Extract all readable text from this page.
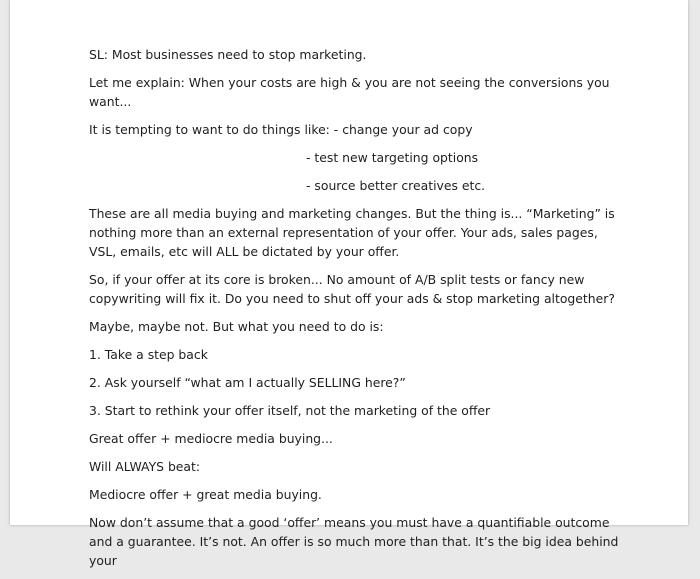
SL: Most businesses need to stop marketing.

Let me explain: When your costs are high & you are not seeing the conversions you want...

It is tempting to want to do things like: - change your ad copy

- test new targeting options

- source better creatives etc.

These are all media buying and marketing changes. But the thing is... “Marketing” is nothing more than an external representation of your offer. Your ads, sales pages, VSL, emails, etc will ALL be dictated by your offer.

So, if your offer at its core is broken... No amount of A/B split tests or fancy new copywriting will fix it. Do you need to shut off your ads & stop marketing altogether?

Maybe, maybe not. But what you need to do is:

1. Take a step back

2. Ask yourself “what am I actually SELLING here?”

3. Start to rethink your offer itself, not the marketing of the offer

Great offer + mediocre media buying...

Will ALWAYS beat:

Mediocre offer + great media buying.

Now don’t assume that a good ‘offer’ means you must have a quantifiable outcome and a guarantee. It’s not. An offer is so much more than that. It’s the big idea behind your
